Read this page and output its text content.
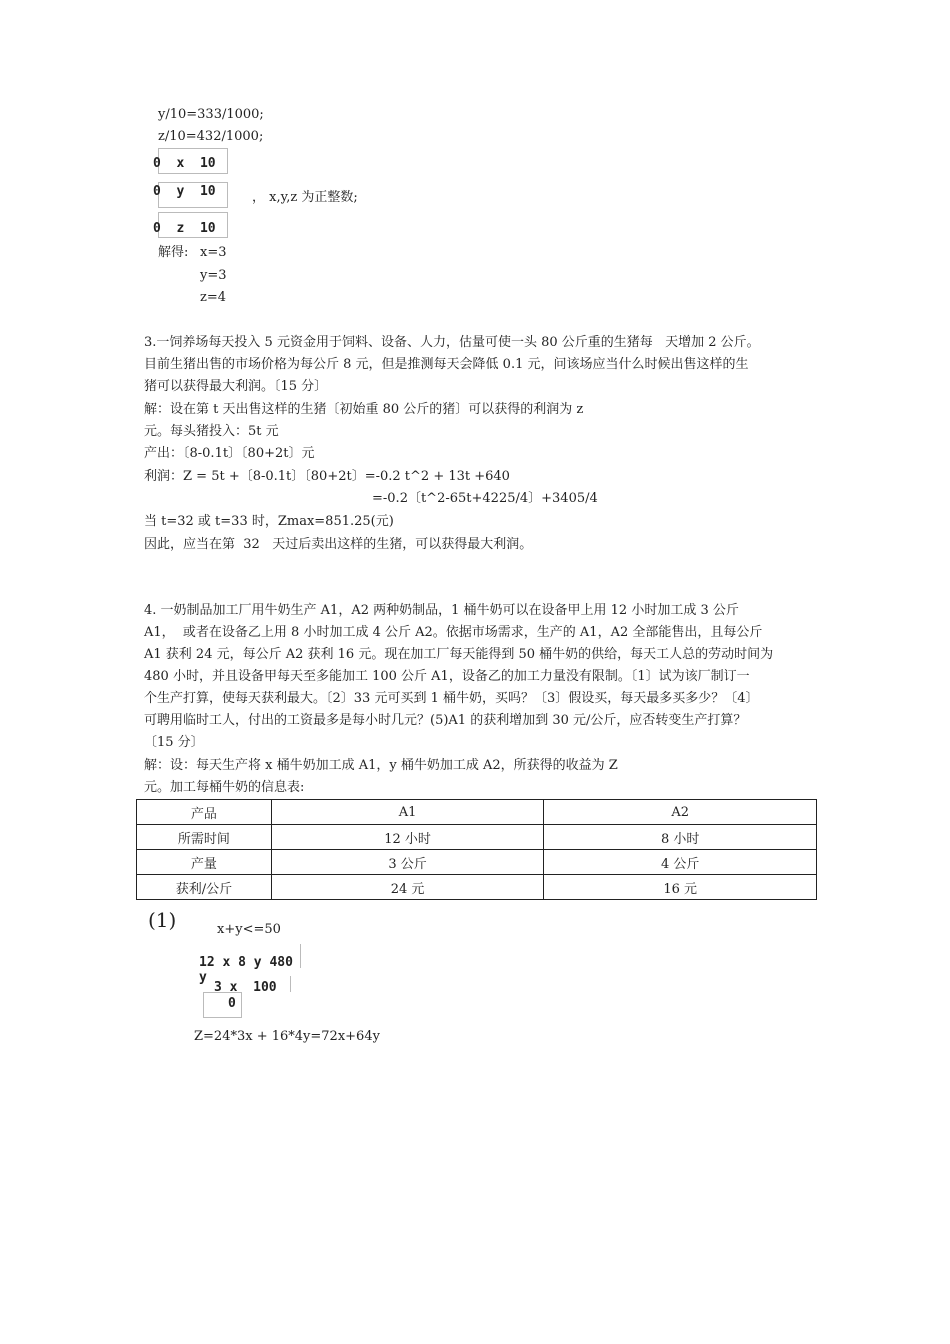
y/10=333/1000;
z/10=432/1000;
0  x  10
0  y  10
0  z  10
， x,y,z 为正整数;
解得: x=3
y=3
z=4
3.一饲养场每天投入 5 元资金用于饲料、设备、人力，估量可使一头 80 公斤重的生猪每   天增加 2 公斤。
目前生猪出售的市场价格为每公斤 8 元，但是推测每天会降低 0.1 元，问该场应当什么时候出售这样的生
猪可以获得最大利润。〔15 分〕
解：设在第 t 天出售这样的生猪〔初始重 80 公斤的猪〕可以获得的利润为 z
元。每头猪投入：5t 元
产出：〔8-0.1t〕〔80+2t〕元
利润：Z = 5t +〔8-0.1t〕〔80+2t〕=-0.2 t^2 + 13t +640
=-0.2〔t^2-65t+4225/4〕+3405/4
当 t=32 或 t=33 时，Zmax=851.25(元)
因此，应当在第  32   天过后卖出这样的生猪，可以获得最大利润。
4. 一奶制品加工厂用牛奶生产 A1，A2 两种奶制品，1 桶牛奶可以在设备甲上用 12 小时加工成 3 公斤
A1，  或者在设备乙上用 8 小时加工成 4 公斤 A2。依据市场需求，生产的 A1，A2 全部能售出，且每公斤
A1 获利 24 元，每公斤 A2 获利 16 元。现在加工厂每天能得到 50 桶牛奶的供给，每天工人总的劳动时间为
480 小时，并且设备甲每天至多能加工 100 公斤 A1，设备乙的加工力量没有限制。〔1〕试为该厂制订一
个生产打算，使每天获利最大。〔2〕33 元可买到 1 桶牛奶，买吗？〔3〕假设买，每天最多买多少？〔4〕
可聘用临时工人，付出的工资最多是每小时几元？(5)A1 的获利增加到 30 元/公斤，应否转变生产打算？
〔15 分〕
解：设：每天生产将 x 桶牛奶加工成 A1，y 桶牛奶加工成 A2，所获得的收益为 Z
元。加工每桶牛奶的信息表:
产品	A1	A2
所需时间	12 小时	8 小时
产量	3 公斤	4 公斤
获利/公斤	24 元	16 元
(1)	x+y<=50
12 x 8 y 480
y
3 x  100
0
Z=24*3x + 16*4y=72x+64y
